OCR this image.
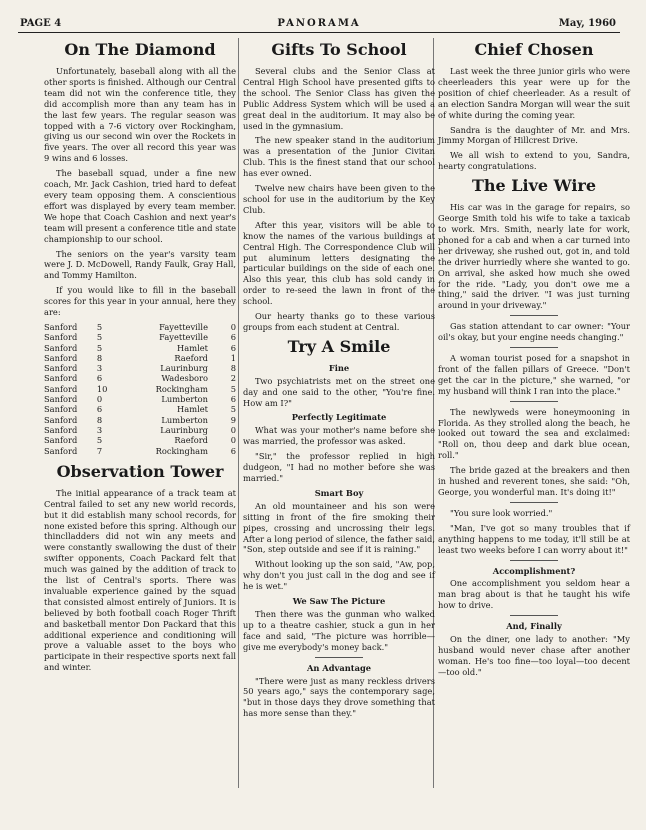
PAGE 4	PANORAMA	May, 1960
On The Diamond

Unfortunately, baseball along with all the other sports is finished. Although our Central team did not win the conference title, they did accomplish more than any team has in the last few years. The regular season was topped with a 7-6 victory over Rockingham, giving us our second win over the Rockets in five years. The over all record this year was 9 wins and 6 losses.

The baseball squad, under a fine new coach, Mr. Jack Cashion, tried hard to defeat every team opposing them. A conscientious effort was displayed by every team member. We hope that Coach Cashion and next year's team will present a conference title and state championship to our school.

The seniors on the year's varsity team were J. D. McDowell, Randy Faulk, Gray Hall, and Tommy Hamilton.

If you would like to fill in the baseball scores for this year in your annual, here they are:

Sanford	5	Fayetteville	0
Sanford	5	Fayetteville	6
Sanford	5	Hamlet	6
Sanford	8	Raeford	1
Sanford	3	Laurinburg	8
Sanford	6	Wadesboro	2
Sanford	10	Rockingham	5
Sanford	0	Lumberton	6
Sanford	6	Hamlet	5
Sanford	8	Lumberton	9
Sanford	3	Laurinburg	0
Sanford	5	Raeford	0
Sanford	7	Rockingham	6
Observation Tower

The initial appearance of a track team at Central failed to set any new world records, but it did establish many school records, for none existed before this spring. Although our thinclladders did not win any meets and were constantly swallowing the dust of their swifter opponents, Coach Packard felt that much was gained by the addition of track to the list of Central's sports. There was invaluable experience gained by the squad that consisted almost entirely of Juniors. It is believed by both football coach Roger Thrift and basketball mentor Don Packard that this additional experience and conditioning will prove a valuable asset to the boys who participate in their respective sports next fall and winter.

Gifts To School

Several clubs and the Senior Class at Central High School have presented gifts to the school. The Senior Class has given the Public Address System which will be used a great deal in the auditorium. It may also be used in the gymnasium.

The new speaker stand in the auditorium was a presentation of the Junior Civitan Club. This is the finest stand that our school has ever owned.

Twelve new chairs have been given to the school for use in the auditorium by the Key Club.

After this year, visitors will be able to know the names of the various buildings at Central High. The Correspondence Club will put aluminum letters designating the particular buildings on the side of each one. Also this year, this club has sold candy in order to re-seed the lawn in front of the school.

Our hearty thanks go to these various groups from each student at Central.

Try A Smile
Fine

Two psychiatrists met on the street one day and one said to the other, "You're fine. How am I?"

Perfectly Legitimate

What was your mother's name before she was married, the professor was asked.

"Sir," the professor replied in high dudgeon, "I had no mother before she was married."

Smart Boy

An old mountaineer and his son were sitting in front of the fire smoking their pipes, crossing and uncrossing their legs. After a long period of silence, the father said, "Son, step outside and see if it is raining."

Without looking up the son said, "Aw, pop, why don't you just call in the dog and see if he is wet."

We Saw The Picture

Then there was the gunman who walked up to a theatre cashier, stuck a gun in her face and said, "The picture was horrible—give me everybody's money back."

An Advantage

"There were just as many reckless drivers 50 years ago," says the contemporary sage, "but in those days they drove something that has more sense than they."

Chief Chosen

Last week the three junior girls who were cheerleaders this year were up for the position of chief cheerleader. As a result of an election Sandra Morgan will wear the suit of white during the coming year.

Sandra is the daughter of Mr. and Mrs. Jimmy Morgan of Hillcrest Drive.

We all wish to extend to you, Sandra, hearty congratulations.

The Live Wire

His car was in the garage for repairs, so George Smith told his wife to take a taxicab to work. Mrs. Smith, nearly late for work, phoned for a cab and when a car turned into her driveway, she rushed out, got in, and told the driver hurriedly where she wanted to go. On arrival, she asked how much she owed for the ride. "Lady, you don't owe me a thing," said the driver. "I was just turning around in your driveway."

Gas station attendant to car owner: "Your oil's okay, but your engine needs changing."

A woman tourist posed for a snapshot in front of the fallen pillars of Greece. "Don't get the car in the picture," she warned, "or my husband will think I ran into the place."

The newlyweds were honeymooning in Florida. As they strolled along the beach, he looked out toward the sea and exclaimed: "Roll on, thou deep and dark blue ocean, roll."

The bride gazed at the breakers and then in hushed and reverent tones, she said: "Oh, George, you wonderful man. It's doing it!"

"You sure look worried."

"Man, I've got so many troubles that if anything happens to me today, it'll still be at least two weeks before I can worry about it!"

Accomplishment?

One accomplishment you seldom hear a man brag about is that he taught his wife how to drive.

And, Finally

On the diner, one lady to another: "My husband would never chase after another woman. He's too fine—too loyal—too decent—too old."
